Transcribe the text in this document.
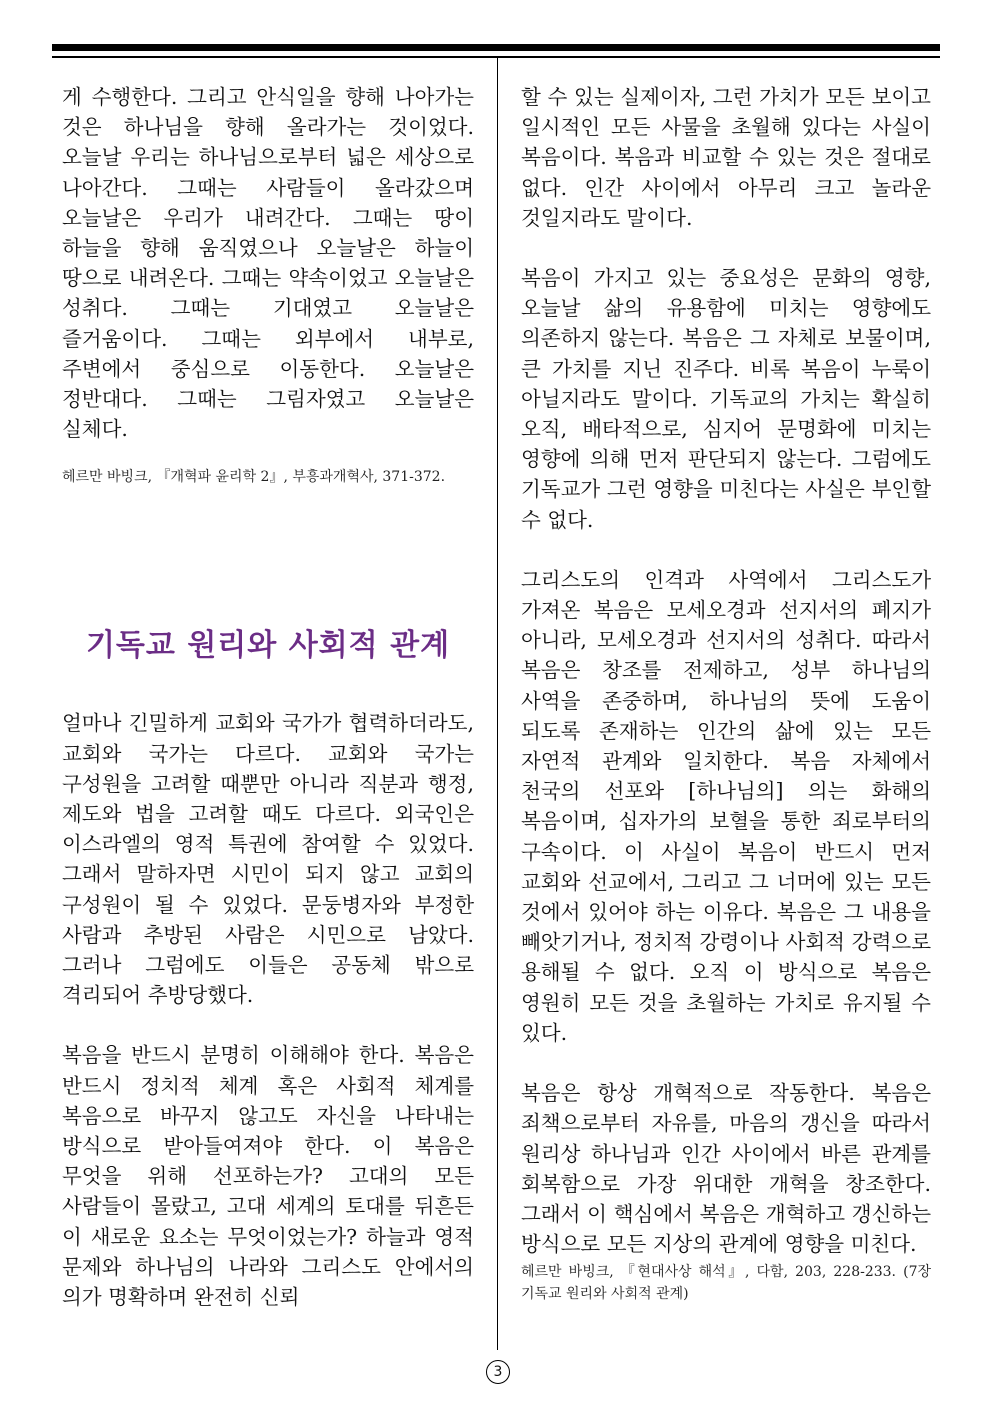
게 수행한다. 그리고 안식일을 향해 나아가는 것은 하나님을 향해 올라가는 것이었다. 오늘날 우리는 하나님으로부터 넓은 세상으로 나아간다. 그때는 사람들이 올라갔으며 오늘날은 우리가 내려간다. 그때는 땅이 하늘을 향해 움직였으나 오늘날은 하늘이 땅으로 내려온다. 그때는 약속이었고 오늘날은 성취다. 그때는 기대였고 오늘날은 즐거움이다. 그때는 외부에서 내부로, 주변에서 중심으로 이동한다. 오늘날은 정반대다. 그때는 그림자였고 오늘날은 실체다.

헤르만 바빙크, 『개혁파 윤리학 2』, 부흥과개혁사, 371-372.

기독교 원리와 사회적 관계

얼마나 긴밀하게 교회와 국가가 협력하더라도, 교회와 국가는 다르다. 교회와 국가는 구성원을 고려할 때뿐만 아니라 직분과 행정, 제도와 법을 고려할 때도 다르다. 외국인은 이스라엘의 영적 특권에 참여할 수 있었다. 그래서 말하자면 시민이 되지 않고 교회의 구성원이 될 수 있었다. 문둥병자와 부정한 사람과 추방된 사람은 시민으로 남았다. 그러나 그럼에도 이들은 공동체 밖으로 격리되어 추방당했다.

복음을 반드시 분명히 이해해야 한다. 복음은 반드시 정치적 체계 혹은 사회적 체계를 복음으로 바꾸지 않고도 자신을 나타내는 방식으로 받아들여져야 한다. 이 복음은 무엇을 위해 선포하는가? 고대의 모든 사람들이 몰랐고, 고대 세계의 토대를 뒤흔든 이 새로운 요소는 무엇이었는가? 하늘과 영적 문제와 하나님의 나라와 그리스도 안에서의 의가 명확하며 완전히 신뢰

할 수 있는 실제이자, 그런 가치가 모든 보이고 일시적인 모든 사물을 초월해 있다는 사실이 복음이다. 복음과 비교할 수 있는 것은 절대로 없다. 인간 사이에서 아무리 크고 놀라운 것일지라도 말이다.

복음이 가지고 있는 중요성은 문화의 영향, 오늘날 삶의 유용함에 미치는 영향에도 의존하지 않는다. 복음은 그 자체로 보물이며, 큰 가치를 지닌 진주다. 비록 복음이 누룩이 아닐지라도 말이다. 기독교의 가치는 확실히 오직, 배타적으로, 심지어 문명화에 미치는 영향에 의해 먼저 판단되지 않는다. 그럼에도 기독교가 그런 영향을 미친다는 사실은 부인할 수 없다.

그리스도의 인격과 사역에서 그리스도가 가져온 복음은 모세오경과 선지서의 폐지가 아니라, 모세오경과 선지서의 성취다. 따라서 복음은 창조를 전제하고, 성부 하나님의 사역을 존중하며, 하나님의 뜻에 도움이 되도록 존재하는 인간의 삶에 있는 모든 자연적 관계와 일치한다. 복음 자체에서 천국의 선포와 [하나님의] 의는 화해의 복음이며, 십자가의 보혈을 통한 죄로부터의 구속이다. 이 사실이 복음이 반드시 먼저 교회와 선교에서, 그리고 그 너머에 있는 모든 것에서 있어야 하는 이유다. 복음은 그 내용을 빼앗기거나, 정치적 강령이나 사회적 강력으로 용해될 수 없다. 오직 이 방식으로 복음은 영원히 모든 것을 초월하는 가치로 유지될 수 있다.

복음은 항상 개혁적으로 작동한다. 복음은 죄책으로부터 자유를, 마음의 갱신을 따라서 원리상 하나님과 인간 사이에서 바른 관계를 회복함으로 가장 위대한 개혁을 창조한다. 그래서 이 핵심에서 복음은 개혁하고 갱신하는 방식으로 모든 지상의 관계에 영향을 미친다.

헤르만 바빙크, 『현대사상 해석』, 다함, 203, 228-233. (7장 기독교 원리와 사회적 관계)

3
